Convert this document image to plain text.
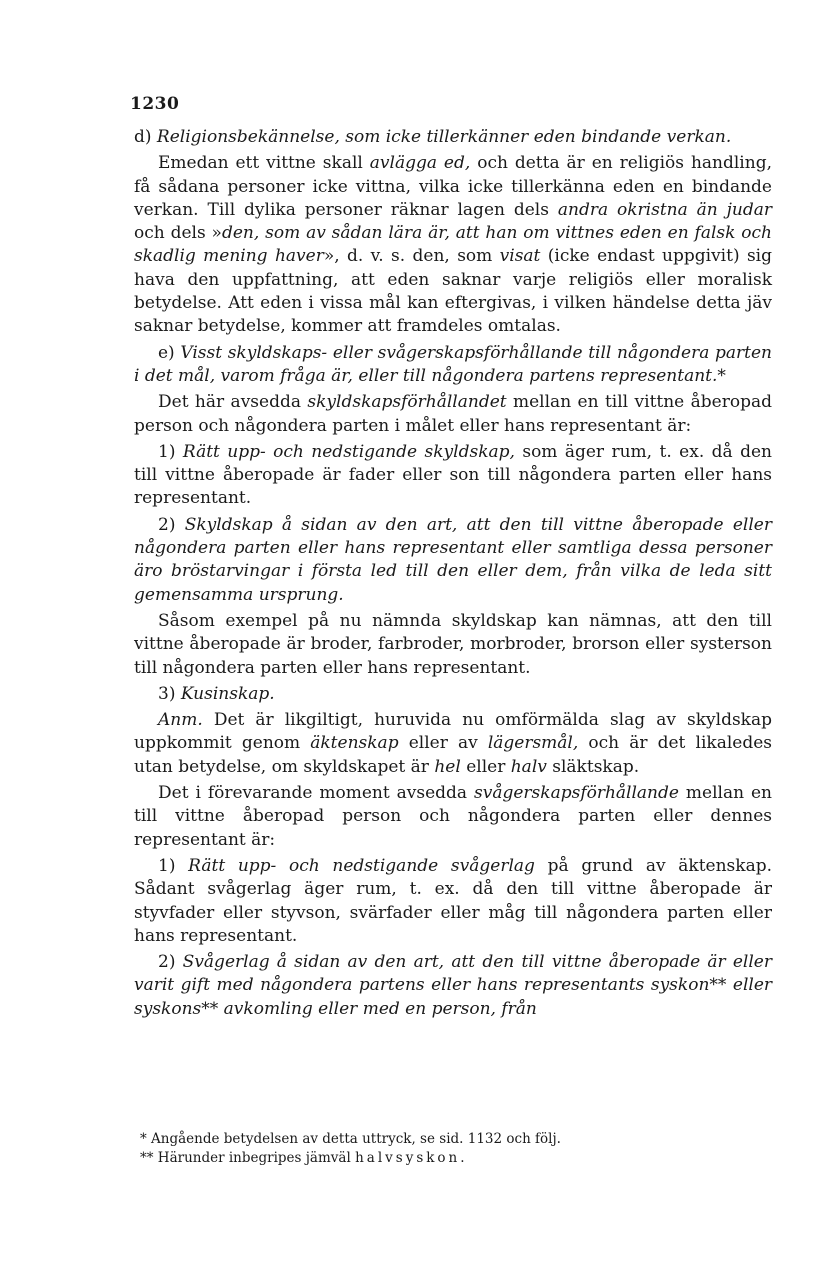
1230

d) Religionsbekännelse, som icke tillerkänner eden bindande verkan.

Emedan ett vittne skall avlägga ed, och detta är en religiös handling, få sådana personer icke vittna, vilka icke tillerkänna eden en bindande verkan. Till dylika personer räknar lagen dels andra okristna än judar och dels »den, som av sådan lära är, att han om vittnes eden en falsk och skadlig mening haver», d. v. s. den, som visat (icke endast uppgivit) sig hava den uppfattning, att eden saknar varje religiös eller moralisk betydelse. Att eden i vissa mål kan eftergivas, i vilken händelse detta jäv saknar betydelse, kommer att framdeles omtalas.

e) Visst skyldskaps- eller svågerskapsförhållande till någondera parten i det mål, varom fråga är, eller till någondera partens representant.*

Det här avsedda skyldskapsförhållandet mellan en till vittne åberopad person och någondera parten i målet eller hans representant är:

1) Rätt upp- och nedstigande skyldskap, som äger rum, t. ex. då den till vittne åberopade är fader eller son till någondera parten eller hans representant.

2) Skyldskap å sidan av den art, att den till vittne åberopade eller någondera parten eller hans representant eller samtliga dessa personer äro bröstarvingar i första led till den eller dem, från vilka de leda sitt gemensamma ursprung.

Såsom exempel på nu nämnda skyldskap kan nämnas, att den till vittne åberopade är broder, farbroder, morbroder, brorson eller systerson till någondera parten eller hans representant.

3) Kusinskap.

Anm. Det är likgiltigt, huruvida nu omförmälda slag av skyldskap uppkommit genom äktenskap eller av lägersmål, och är det likaledes utan betydelse, om skyldskapet är hel eller halv släktskap.

Det i förevarande moment avsedda svågerskapsförhållande mellan en till vittne åberopad person och någondera parten eller dennes representant är:

1) Rätt upp- och nedstigande svågerlag på grund av äktenskap. Sådant svågerlag äger rum, t. ex. då den till vittne åberopade är styvfader eller styvson, svärfader eller måg till någondera parten eller hans representant.

2) Svågerlag å sidan av den art, att den till vittne åberopade är eller varit gift med någondera partens eller hans representants syskon** eller syskons** avkomling eller med en person, från

* Angående betydelsen av detta uttryck, se sid. 1132 och följ.

** Härunder inbegripes jämväl halvsyskon.
